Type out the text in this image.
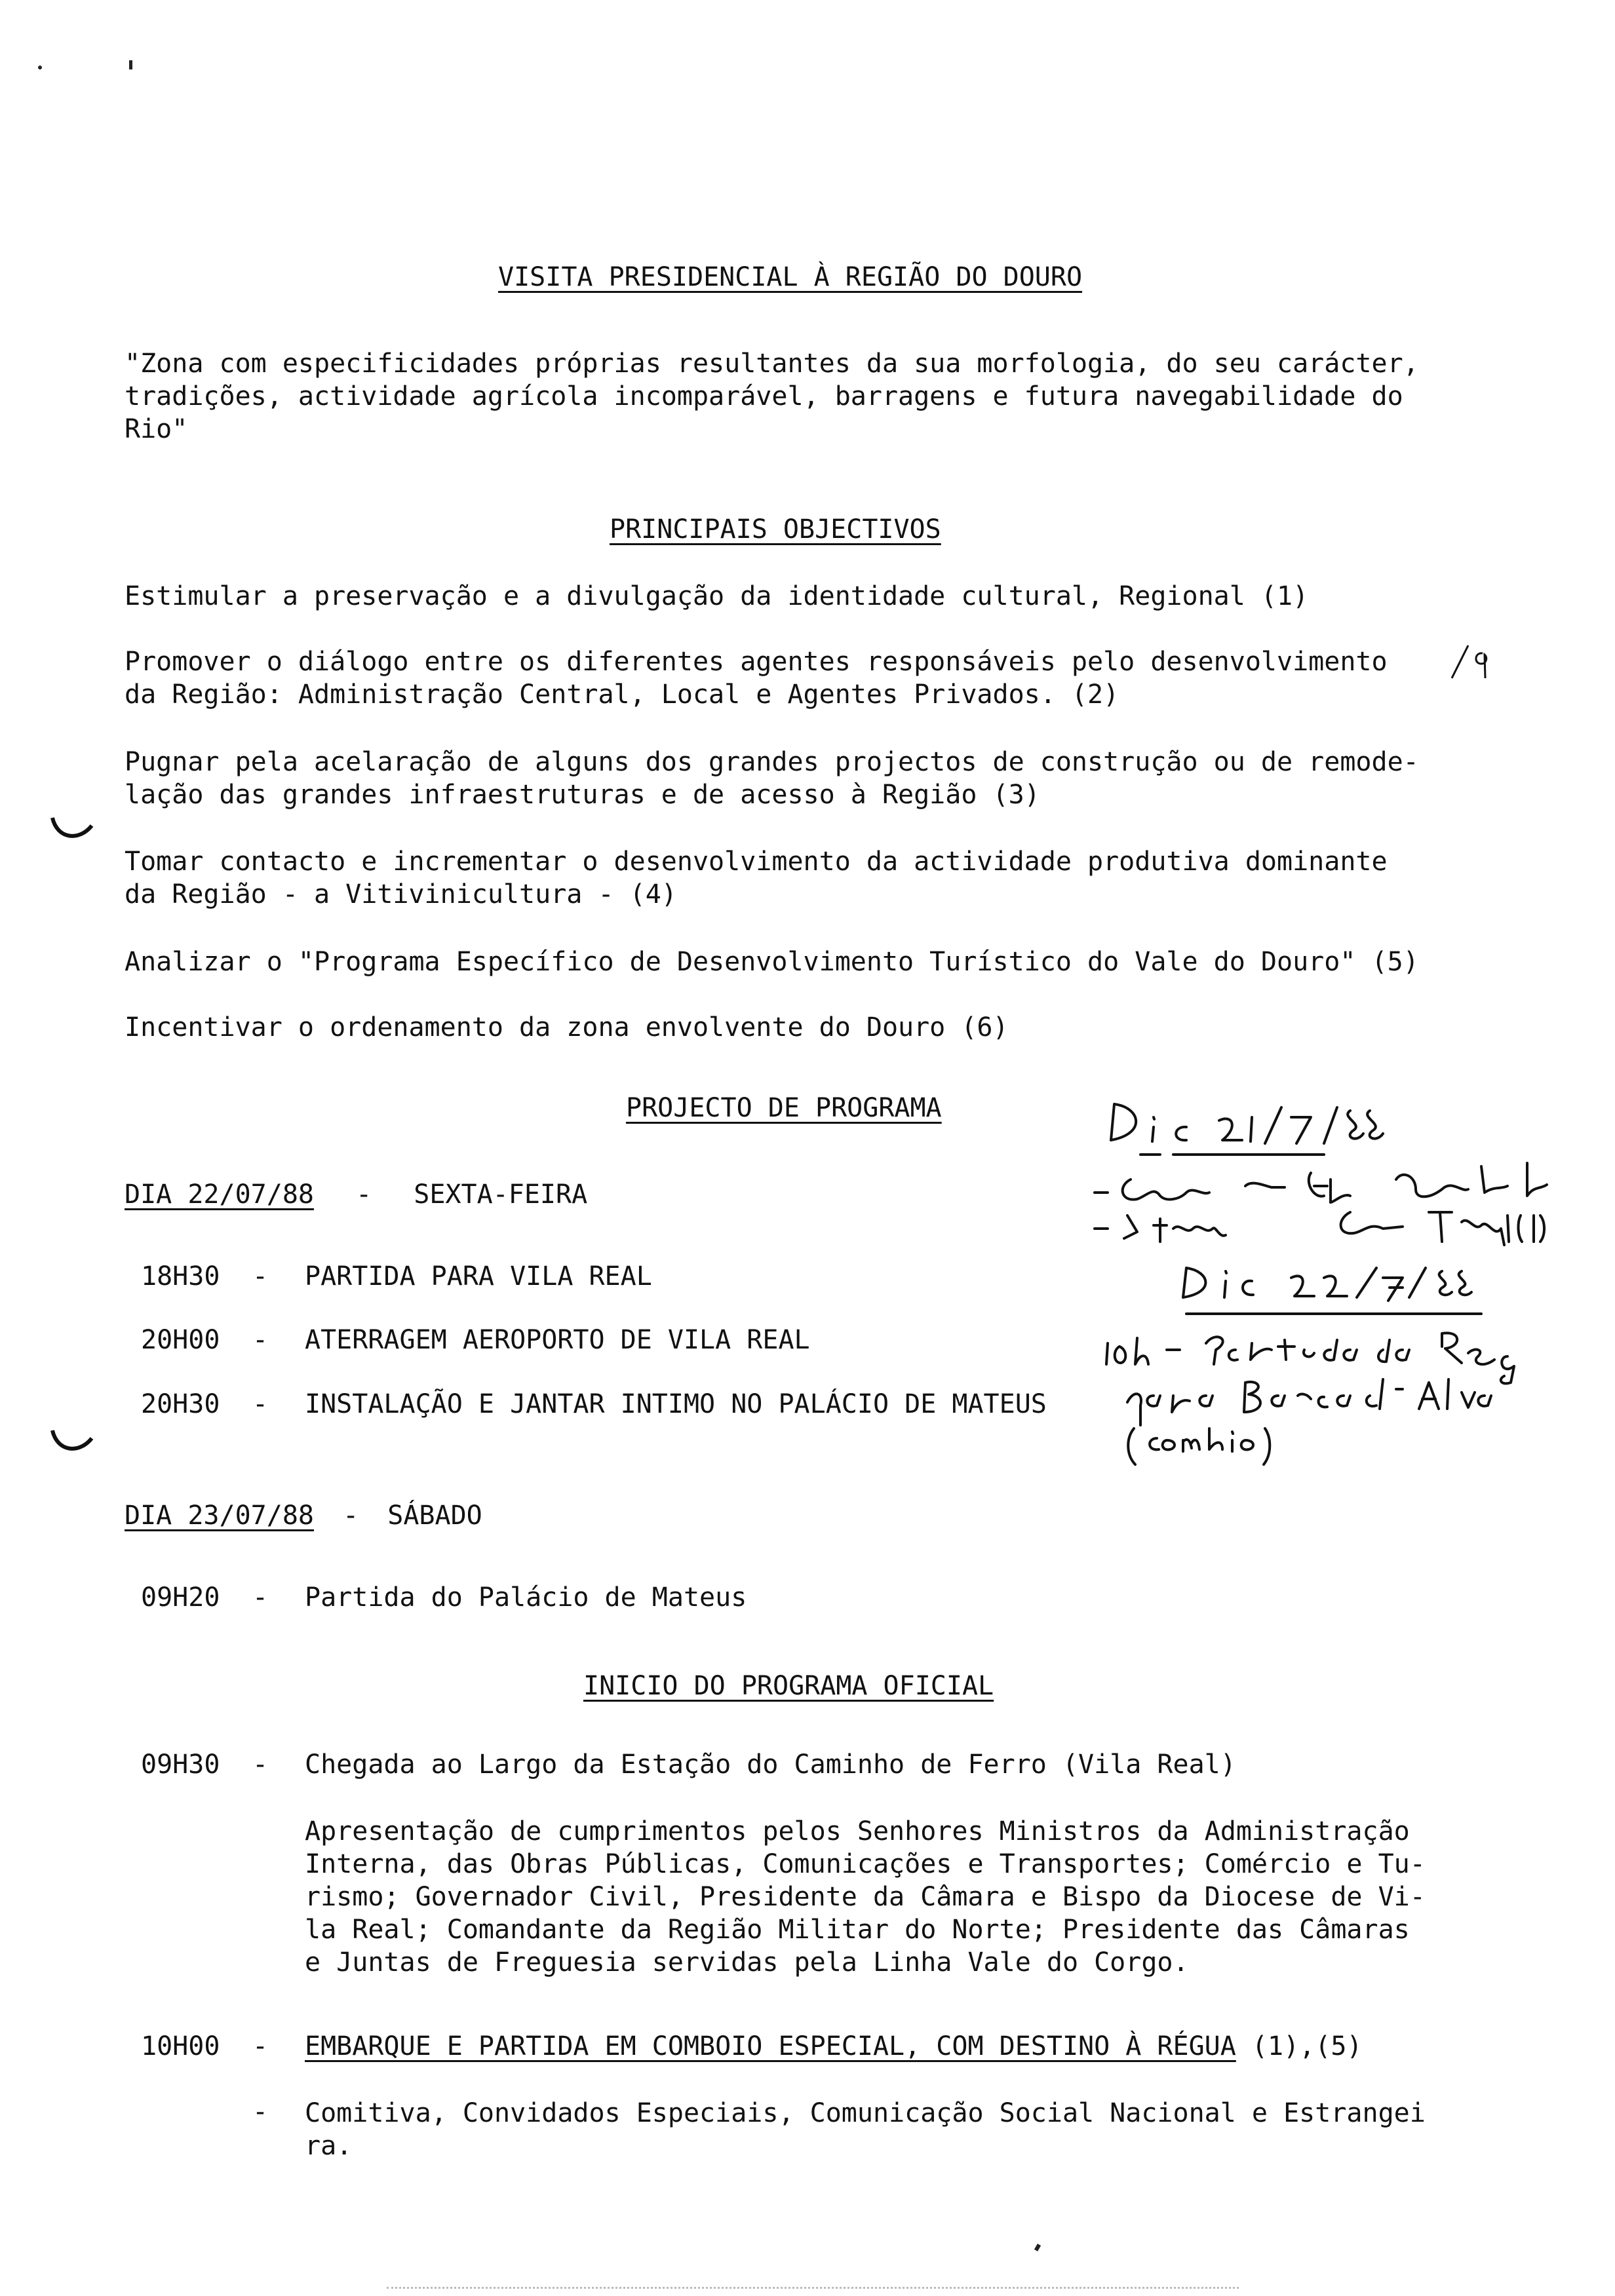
VISITA PRESIDENCIAL À REGIÃO DO DOURO
"Zona com especificidades próprias resultantes da sua morfologia, do seu carácter,
tradições, actividade agrícola incomparável, barragens e futura navegabilidade do
Rio"
PRINCIPAIS OBJECTIVOS
Estimular a preservação e a divulgação da identidade cultural, Regional (1)
Promover o diálogo entre os diferentes agentes responsáveis pelo desenvolvimento
da Região: Administração Central, Local e Agentes Privados. (2)
Pugnar pela acelaração de alguns dos grandes projectos de construção ou de remode-
lação das grandes infraestruturas e de acesso à Região (3)
Tomar contacto e incrementar o desenvolvimento da actividade produtiva dominante
da Região - a Vitivinicultura - (4)
Analizar o "Programa Específico de Desenvolvimento Turístico do Vale do Douro" (5)
Incentivar o ordenamento da zona envolvente do Douro (6)
PROJECTO DE PROGRAMA
DIA 22/07/88 - SEXTA-FEIRA
18H30 - PARTIDA PARA VILA REAL
20H00 - ATERRAGEM AEROPORTO DE VILA REAL
20H30 - INSTALAÇÃO E JANTAR INTIMO NO PALÁCIO DE MATEUS
DIA 23/07/88 - SÁBADO
09H20 - Partida do Palácio de Mateus
INICIO DO PROGRAMA OFICIAL
09H30 - Chegada ao Largo da Estação do Caminho de Ferro (Vila Real)
Apresentação de cumprimentos pelos Senhores Ministros da Administração
Interna, das Obras Públicas, Comunicações e Transportes; Comércio e Tu-
rismo; Governador Civil, Presidente da Câmara e Bispo da Diocese de Vi-
la Real; Comandante da Região Militar do Norte; Presidente das Câmaras
e Juntas de Freguesia servidas pela Linha Vale do Corgo.
10H00 - EMBARQUE E PARTIDA EM COMBOIO ESPECIAL, COM DESTINO À RÉGUA (1),(5)
- Comitiva, Convidados Especiais, Comunicação Social Nacional e Estrangei
ra.
